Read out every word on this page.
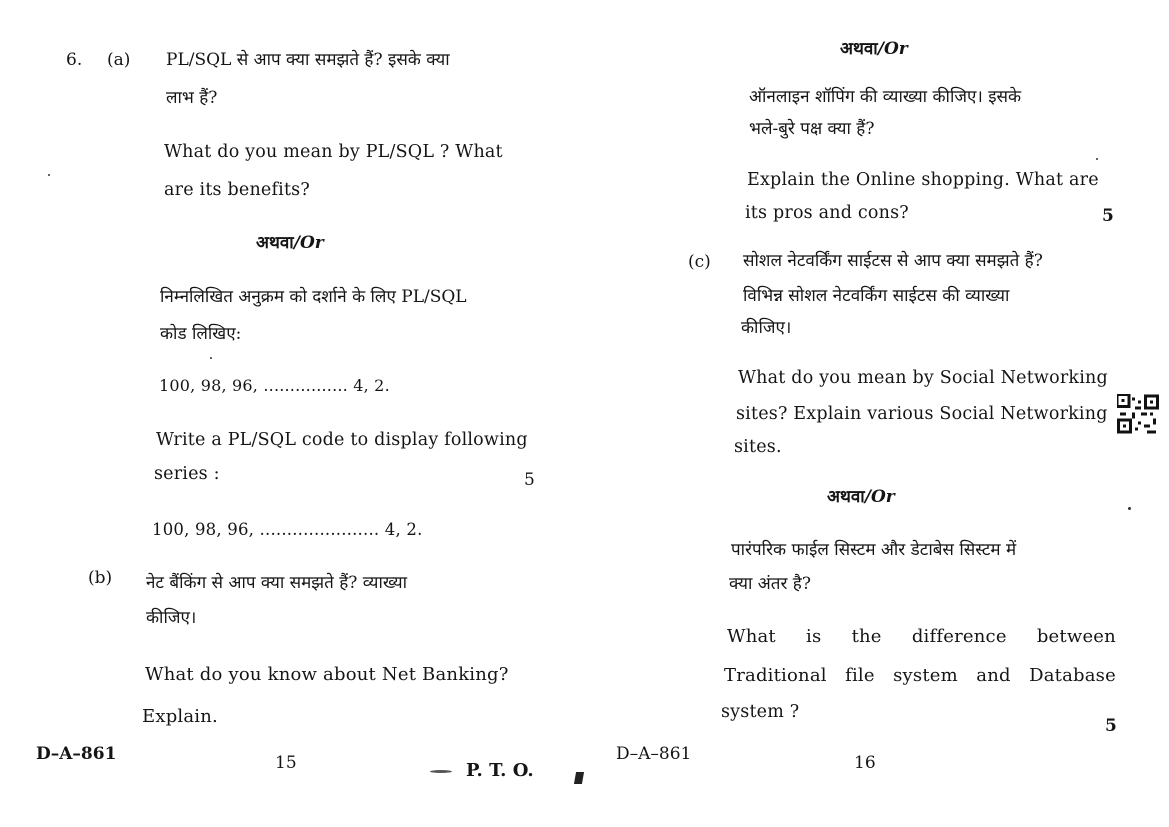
6. (a) PL/SQL से आप क्या समझते हैं? इसके क्या
लाभ हैं?
What do you mean by PL/SQL ? What
are its benefits?
अथवा/Or
निम्नलिखित अनुक्रम को दर्शाने के लिए PL/SQL
कोड लिखिए:
100, 98, 96, ................ 4, 2.
Write a PL/SQL code to display following
series :	5
100, 98, 96, ...................... 4, 2.
(b) नेट बैंकिंग से आप क्या समझते हैं? व्याख्या
कीजिए।
What do you know about Net Banking?
Explain.
D–A–861	15	P. T. O.
अथवा/Or
ऑनलाइन शॉपिंग की व्याख्या कीजिए। इसके
भले-बुरे पक्ष क्या हैं?
Explain the Online shopping. What are
its pros and cons?	5
(c) सोशल नेटवर्किंग साईटस से आप क्या समझते हैं?
विभिन्न सोशल नेटवर्किंग साईटस की व्याख्या
कीजिए।
What do you mean by Social Networking
sites? Explain various Social Networking
sites.
अथवा/Or
पारंपरिक फाईल सिस्टम और डेटाबेस सिस्टम में
क्या अंतर है?
What is the difference between
Traditional file system and Database
system ?
5
D–A–861	16
